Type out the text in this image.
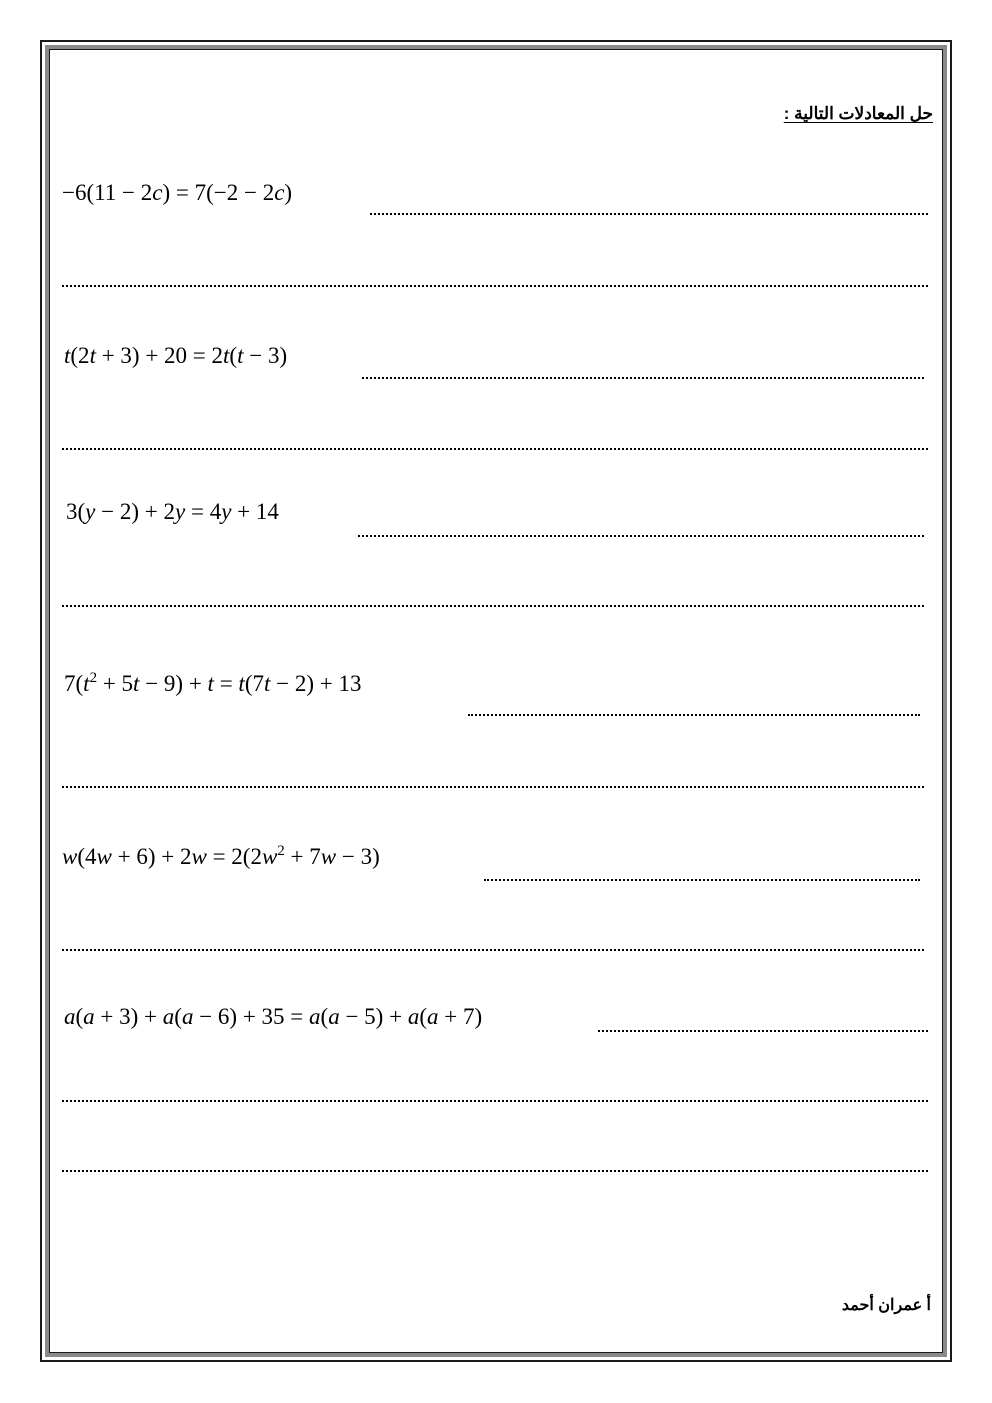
حل المعادلات التالية :
−6(11 − 2c) = 7(−2 − 2c)
t(2t + 3) + 20 = 2t(t − 3)
3(y − 2) + 2y = 4y + 14
$7(t^2 + 5t - 9) + t = t(7t - 2) + 13$
$w(4w + 6) + 2w = 2(2w^2 + 7w - 3)$
a(a + 3) + a(a − 6) + 35 = a(a − 5) + a(a + 7)
أ عمران أحمد
